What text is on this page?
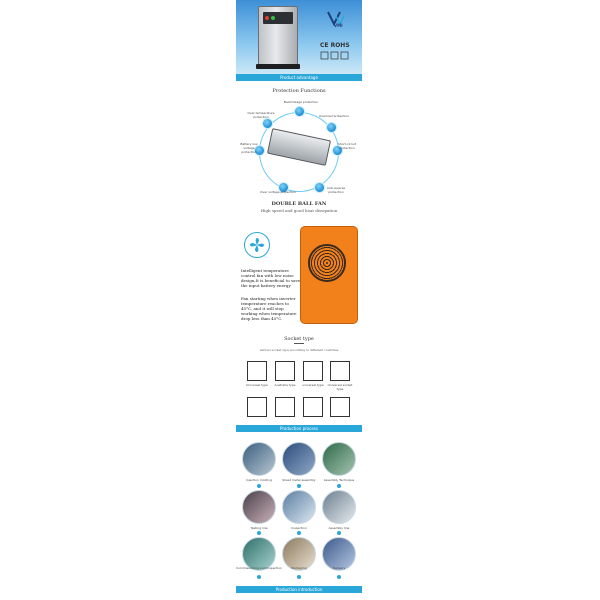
VMI
CE ROHS
Product advantage
Protection Functions
Backlinkage protection
Overload protection
Short-circuit protection
Anti-reverse protection
Over voltage protection
Battery low voltage protection
Over temperature protection
DOUBLE BALL FAN
High speed and good heat dissipation
Intelligent temperature control fan with low noise design,It is beneficial to save the input battery energy
Fan starting when inverter temperature reaches to 45°C, and it will stop working when temperature drop less than 45°C.
Socket type
various socket type according to different countries
Universal type	Australia type	universal type	Universal socket type
Production process
Injection molding	Sheet metal assembly	Assembly Technique
Testing line	Inspection	Assembly line
Commissioning and inspection	Packaging	Delivery
Production introduction
